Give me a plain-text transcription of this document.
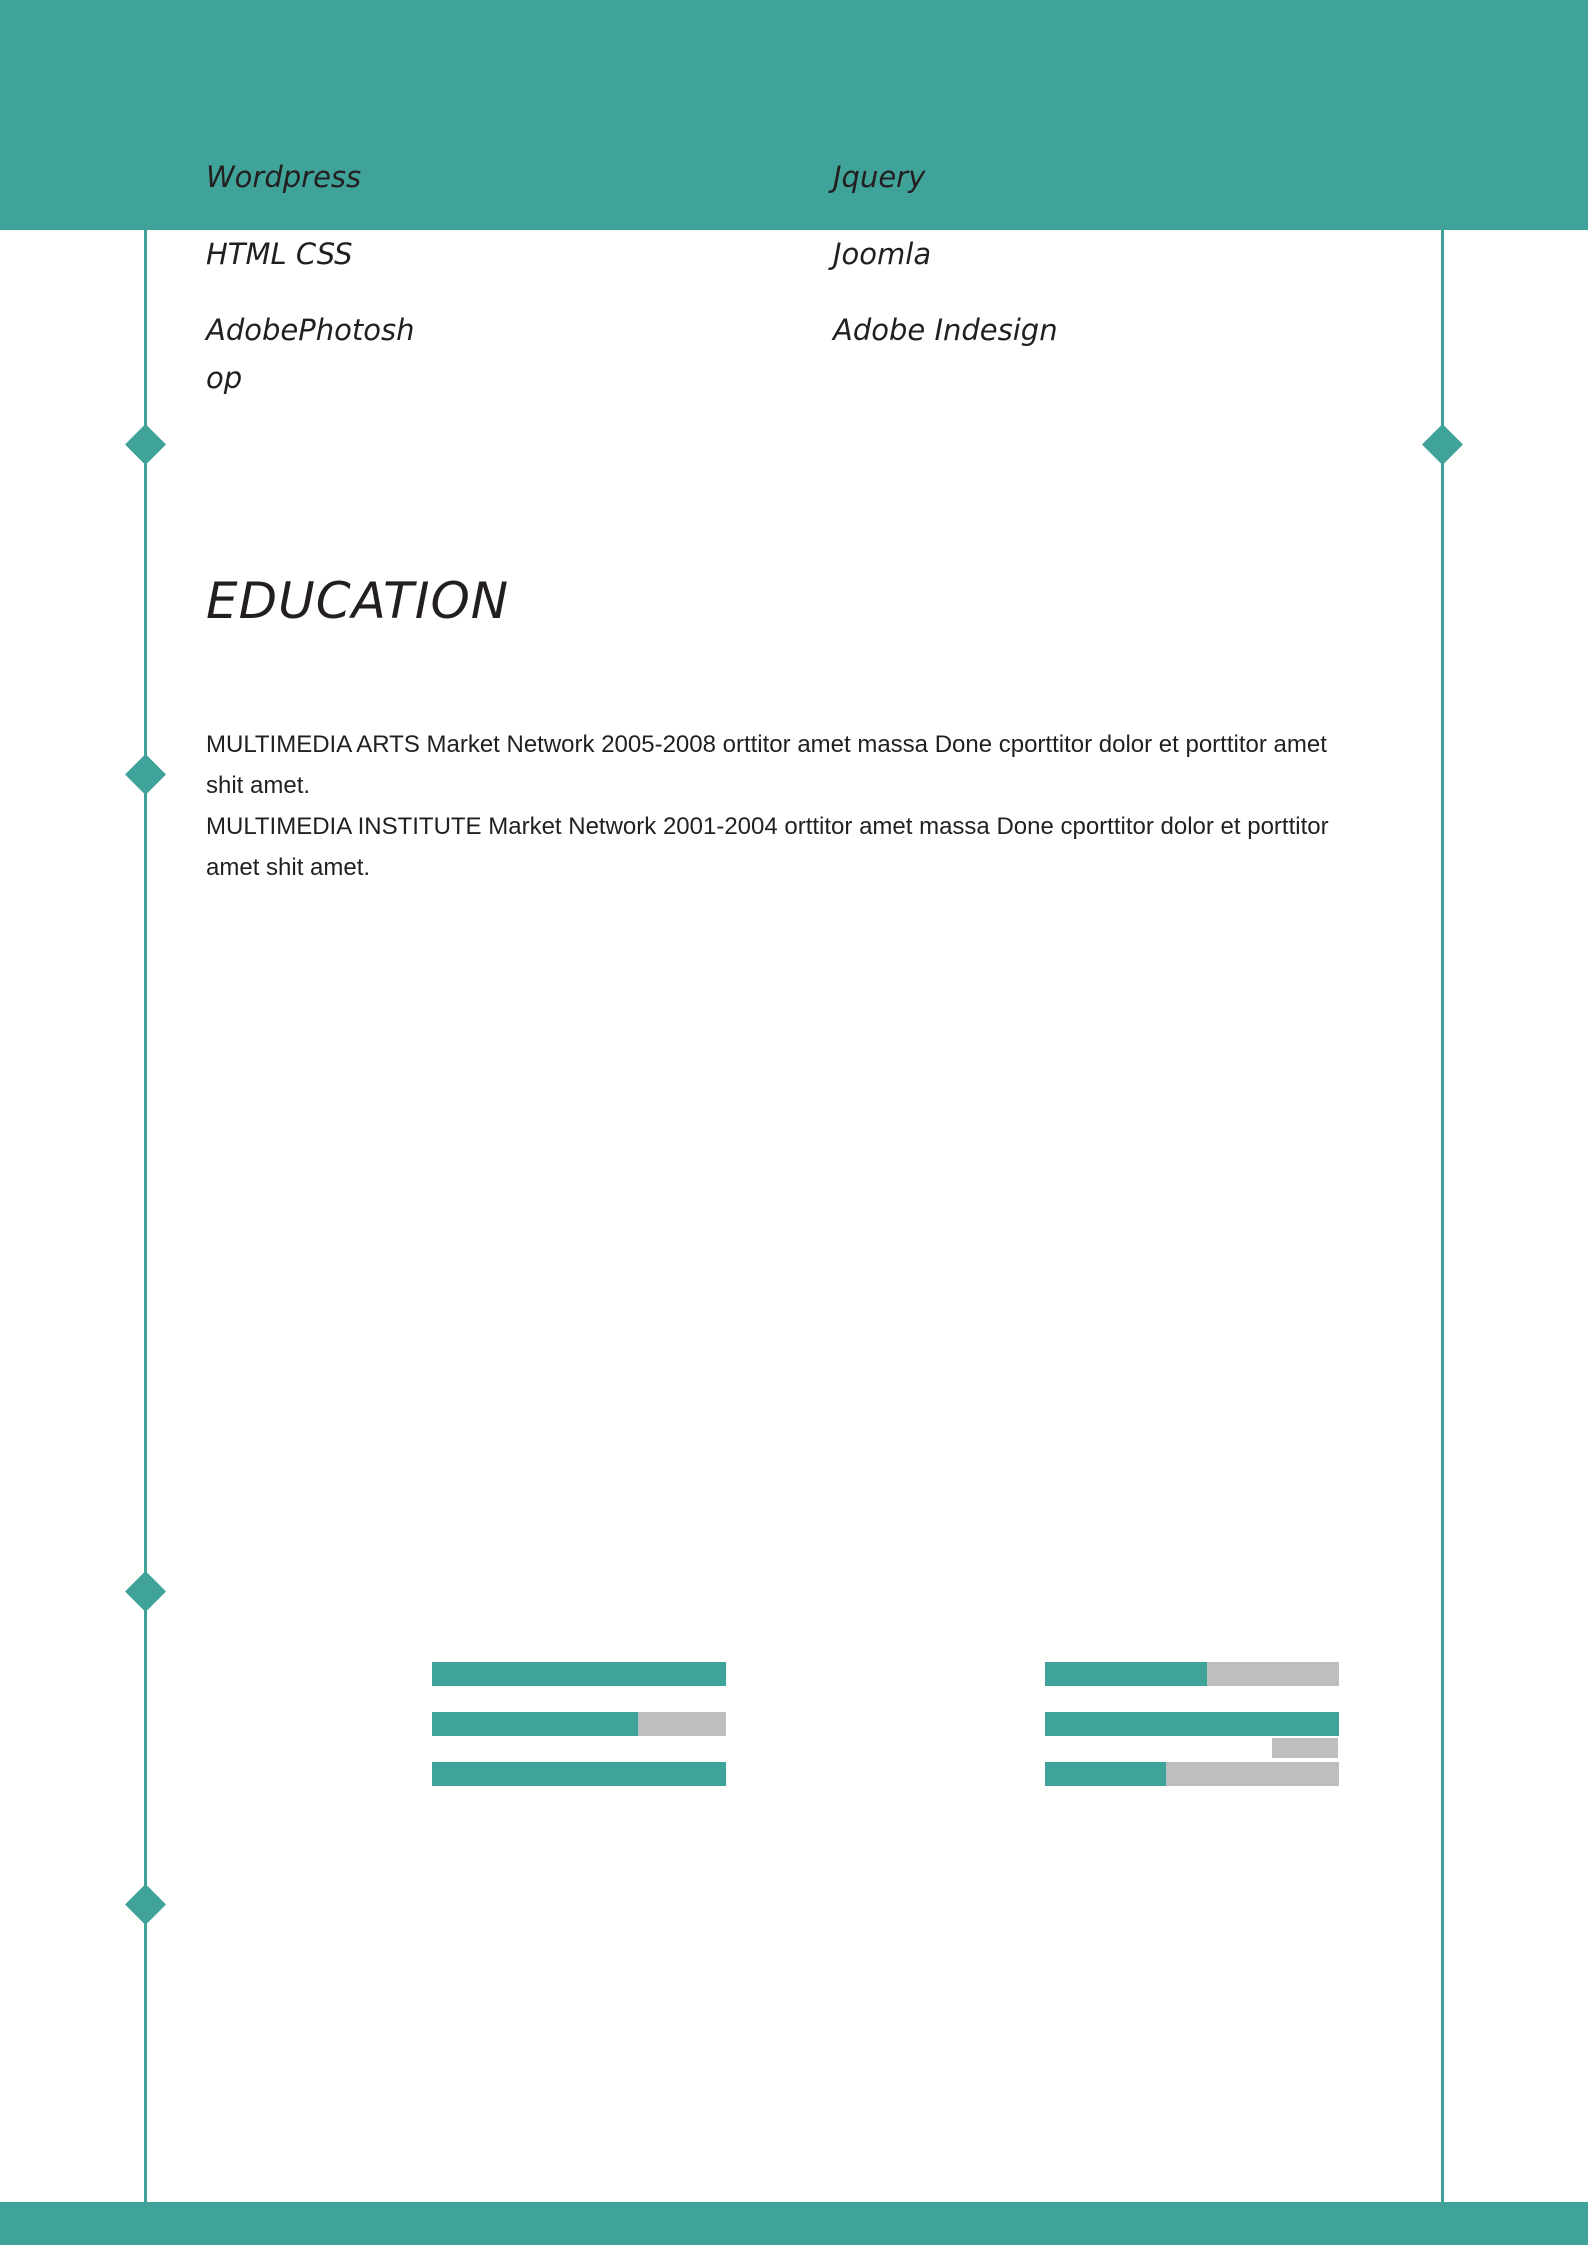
Wordpress
HTML CSS
AdobePhotosh
op
Jquery
Joomla
Adobe Indesign
EDUCATION
MULTIMEDIA ARTS Market Network 2005-2008 orttitor amet massa Done cporttitor dolor et porttitor amet shit amet.
MULTIMEDIA INSTITUTE Market Network 2001-2004 orttitor amet massa Done cporttitor dolor et porttitor amet shit amet.
